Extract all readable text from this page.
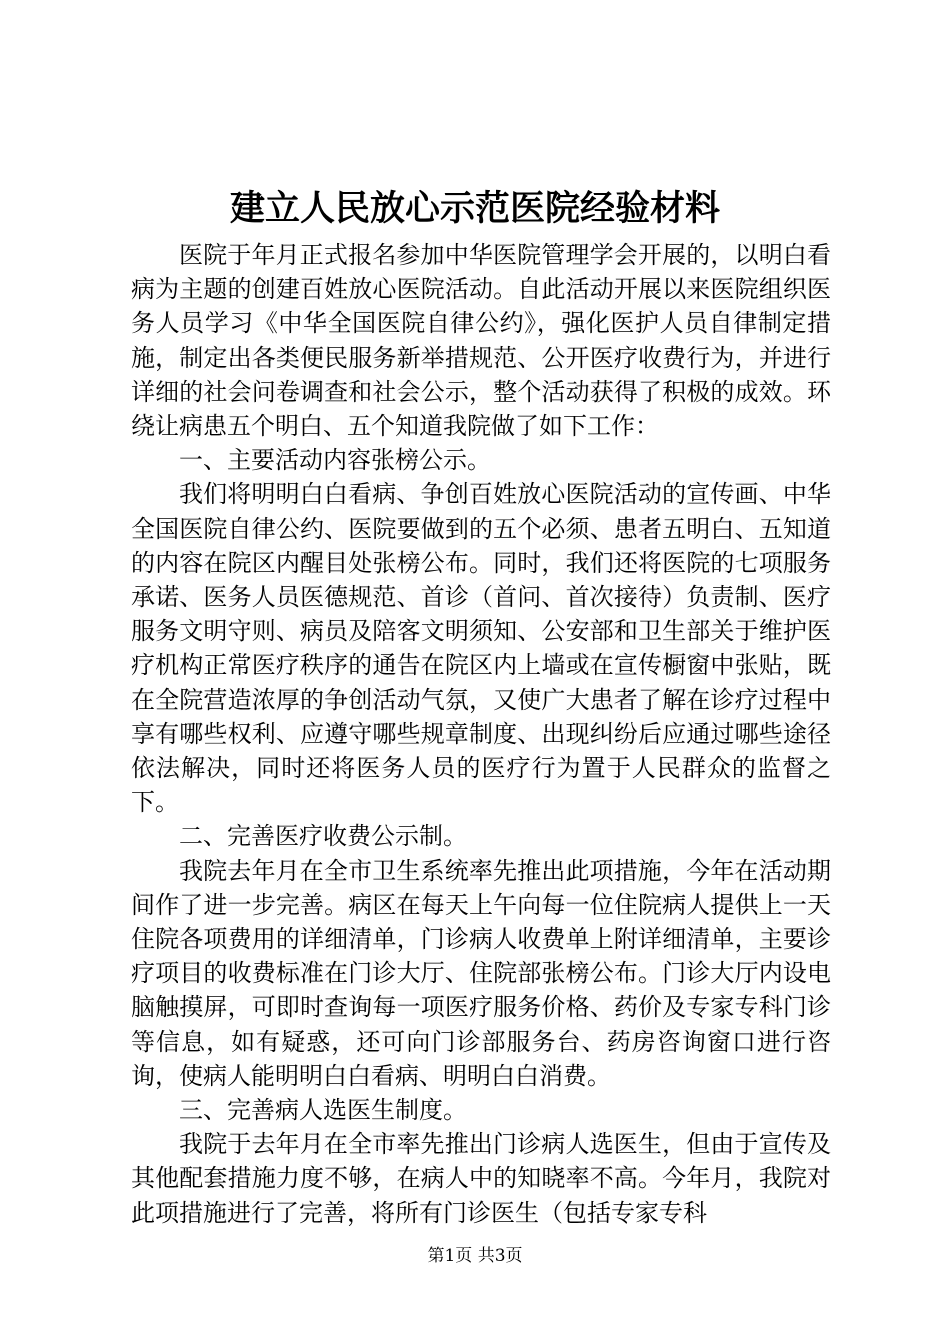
建立人民放心示范医院经验材料

医院于年月正式报名参加中华医院管理学会开展的，以明白看病为主题的创建百姓放心医院活动。自此活动开展以来医院组织医务人员学习《中华全国医院自律公约》，强化医护人员自律制定措施，制定出各类便民服务新举措规范、公开医疗收费行为，并进行详细的社会问卷调查和社会公示，整个活动获得了积极的成效。环绕让病患五个明白、五个知道我院做了如下工作：

一、主要活动内容张榜公示。

我们将明明白白看病、争创百姓放心医院活动的宣传画、中华全国医院自律公约、医院要做到的五个必须、患者五明白、五知道的内容在院区内醒目处张榜公布。同时，我们还将医院的七项服务承诺、医务人员医德规范、首诊（首问、首次接待）负责制、医疗服务文明守则、病员及陪客文明须知、公安部和卫生部关于维护医疗机构正常医疗秩序的通告在院区内上墙或在宣传橱窗中张贴，既在全院营造浓厚的争创活动气氛，又使广大患者了解在诊疗过程中享有哪些权利、应遵守哪些规章制度、出现纠纷后应通过哪些途径依法解决，同时还将医务人员的医疗行为置于人民群众的监督之下。

二、完善医疗收费公示制。

我院去年月在全市卫生系统率先推出此项措施，今年在活动期间作了进一步完善。病区在每天上午向每一位住院病人提供上一天住院各项费用的详细清单，门诊病人收费单上附详细清单，主要诊疗项目的收费标准在门诊大厅、住院部张榜公布。门诊大厅内设电脑触摸屏，可即时查询每一项医疗服务价格、药价及专家专科门诊等信息，如有疑惑，还可向门诊部服务台、药房咨询窗口进行咨询，使病人能明明白白看病、明明白白消费。

三、完善病人选医生制度。

我院于去年月在全市率先推出门诊病人选医生，但由于宣传及其他配套措施力度不够，在病人中的知晓率不高。今年月，我院对此项措施进行了完善，将所有门诊医生（包括专家专科

第1页 共3页
